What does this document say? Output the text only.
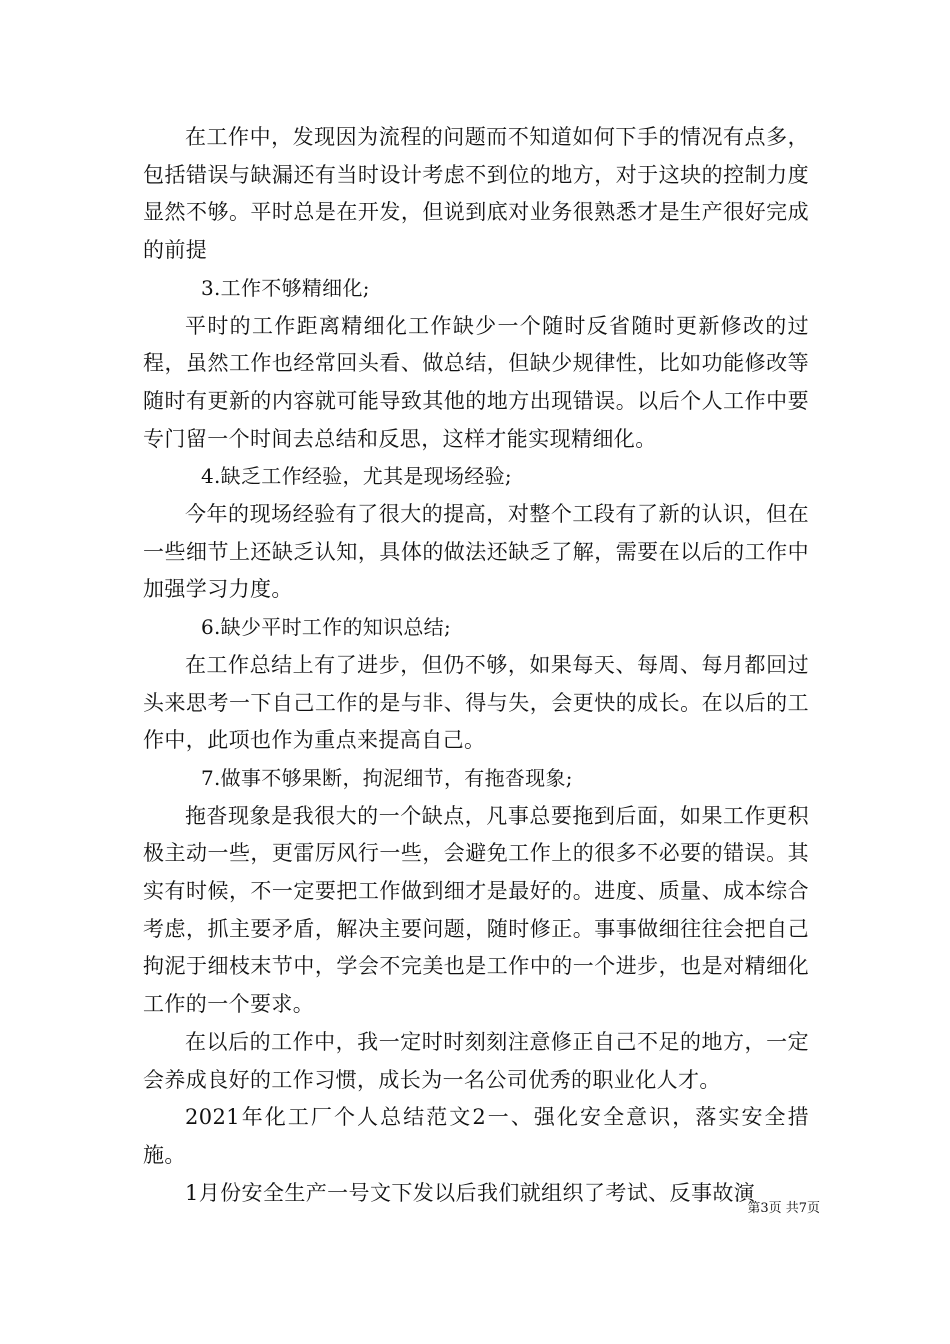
在工作中，发现因为流程的问题而不知道如何下手的情况有点多，包括错误与缺漏还有当时设计考虑不到位的地方，对于这块的控制力度显然不够。平时总是在开发，但说到底对业务很熟悉才是生产很好完成的前提

3.工作不够精细化;

平时的工作距离精细化工作缺少一个随时反省随时更新修改的过程，虽然工作也经常回头看、做总结，但缺少规律性，比如功能修改等随时有更新的内容就可能导致其他的地方出现错误。以后个人工作中要专门留一个时间去总结和反思，这样才能实现精细化。

4.缺乏工作经验，尤其是现场经验;

今年的现场经验有了很大的提高，对整个工段有了新的认识，但在一些细节上还缺乏认知，具体的做法还缺乏了解，需要在以后的工作中加强学习力度。

6.缺少平时工作的知识总结;

在工作总结上有了进步，但仍不够，如果每天、每周、每月都回过头来思考一下自己工作的是与非、得与失，会更快的成长。在以后的工作中，此项也作为重点来提高自己。

7.做事不够果断，拘泥细节，有拖沓现象;

拖沓现象是我很大的一个缺点，凡事总要拖到后面，如果工作更积极主动一些，更雷厉风行一些，会避免工作上的很多不必要的错误。其实有时候，不一定要把工作做到细才是最好的。进度、质量、成本综合考虑，抓主要矛盾，解决主要问题，随时修正。事事做细往往会把自己拘泥于细枝末节中，学会不完美也是工作中的一个进步，也是对精细化工作的一个要求。

在以后的工作中，我一定时时刻刻注意修正自己不足的地方，一定会养成良好的工作习惯，成长为一名公司优秀的职业化人才。

2021年化工厂个人总结范文2一、强化安全意识，落实安全措施。

1月份安全生产一号文下发以后我们就组织了考试、反事故演

第3页 共7页
